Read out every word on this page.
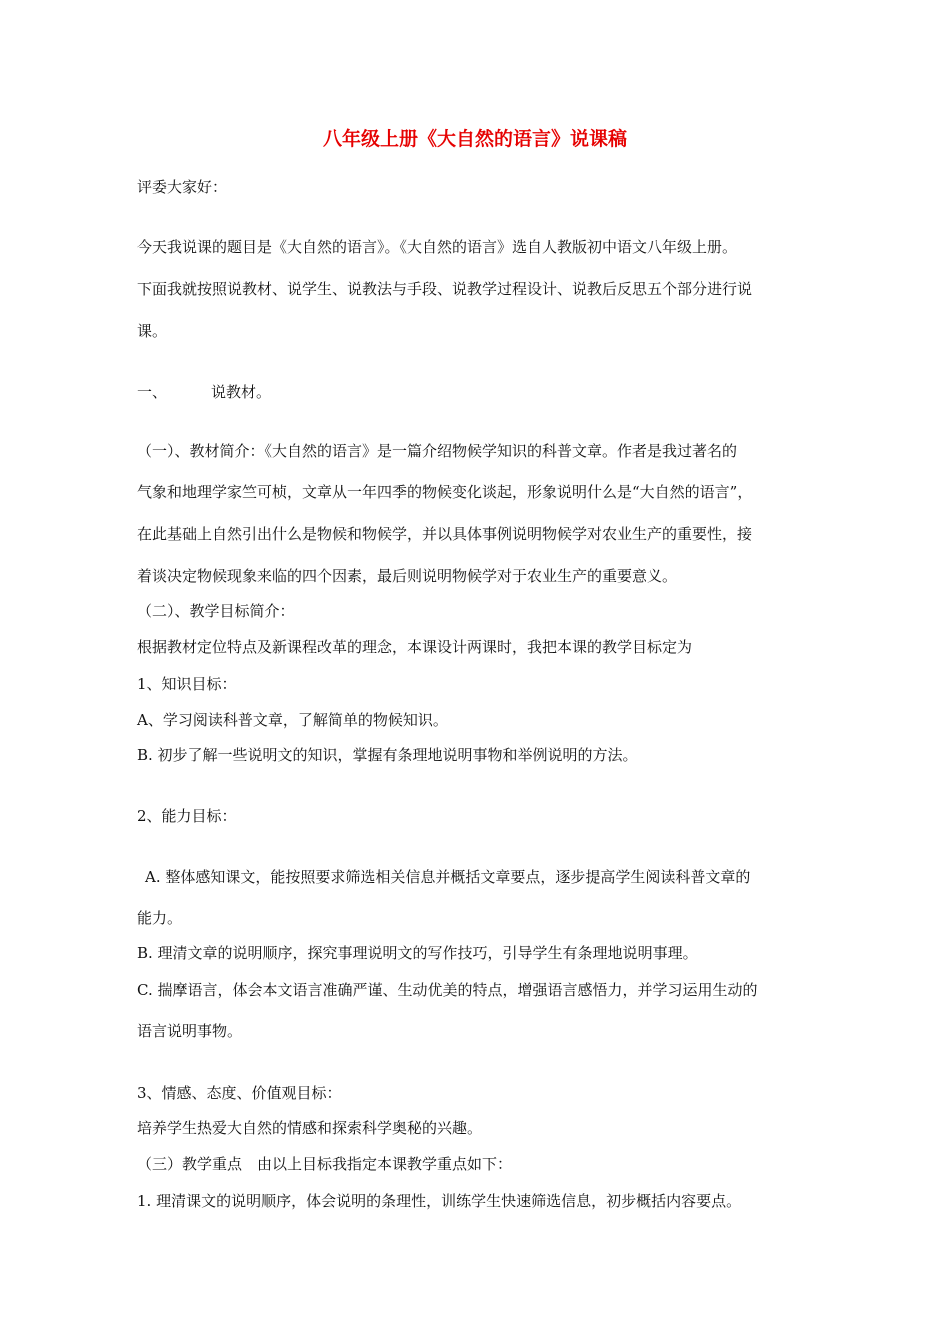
八年级上册《大自然的语言》说课稿
评委大家好：
今天我说课的题目是《大自然的语言》。《大自然的语言》选自人教版初中语文八年级上册。
下面我就按照说教材、说学生、说教法与手段、说教学过程设计、说教后反思五个部分进行说
课。
一、	说教材。
（一）、教材简介：《大自然的语言》是一篇介绍物候学知识的科普文章。作者是我过著名的
气象和地理学家竺可桢，文章从一年四季的物候变化谈起，形象说明什么是“大自然的语言”，
在此基础上自然引出什么是物候和物候学，并以具体事例说明物候学对农业生产的重要性，接
着谈决定物候现象来临的四个因素，最后则说明物候学对于农业生产的重要意义。
（二）、教学目标简介：
根据教材定位特点及新课程改革的理念，本课设计两课时，我把本课的教学目标定为
1、知识目标：
A、学习阅读科普文章，了解简单的物候知识。
B. 初步了解一些说明文的知识，掌握有条理地说明事物和举例说明的方法。
2、能力目标：
A. 整体感知课文，能按照要求筛选相关信息并概括文章要点，逐步提高学生阅读科普文章的
能力。
B. 理清文章的说明顺序，探究事理说明文的写作技巧，引导学生有条理地说明事理。
C. 揣摩语言，体会本文语言准确严谨、生动优美的特点，增强语言感悟力，并学习运用生动的
语言说明事物。
3、情感、态度、价值观目标：
培养学生热爱大自然的情感和探索科学奥秘的兴趣。
（三）教学重点　由以上目标我指定本课教学重点如下：
1. 理清课文的说明顺序，体会说明的条理性，训练学生快速筛选信息，初步概括内容要点。
